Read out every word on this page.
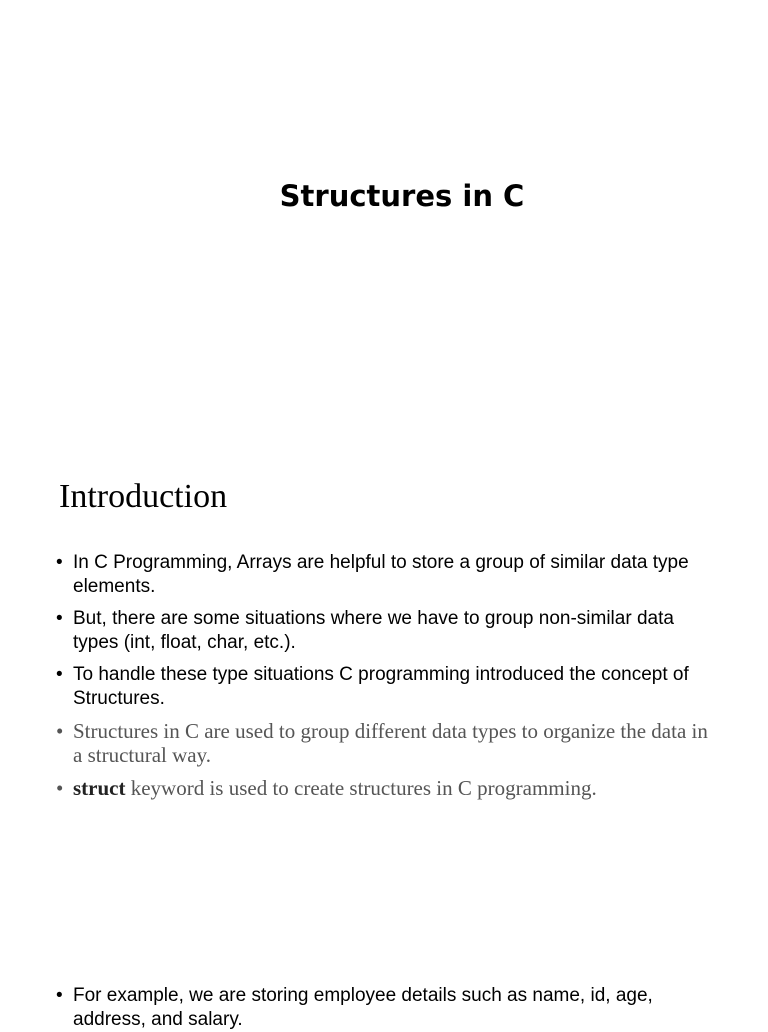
Structures in C
Introduction
• In C Programming, Arrays are helpful to store a group of similar data type elements.
• But, there are some situations where we have to group non-similar data types (int, float, char, etc.).
• To handle these type situations C programming introduced the concept of Structures.
• Structures in C are used to group different data types to organize the data in a structural way.
• struct keyword is used to create structures in C programming.
• For example, we are storing employee details such as name, id, age, address, and salary.
